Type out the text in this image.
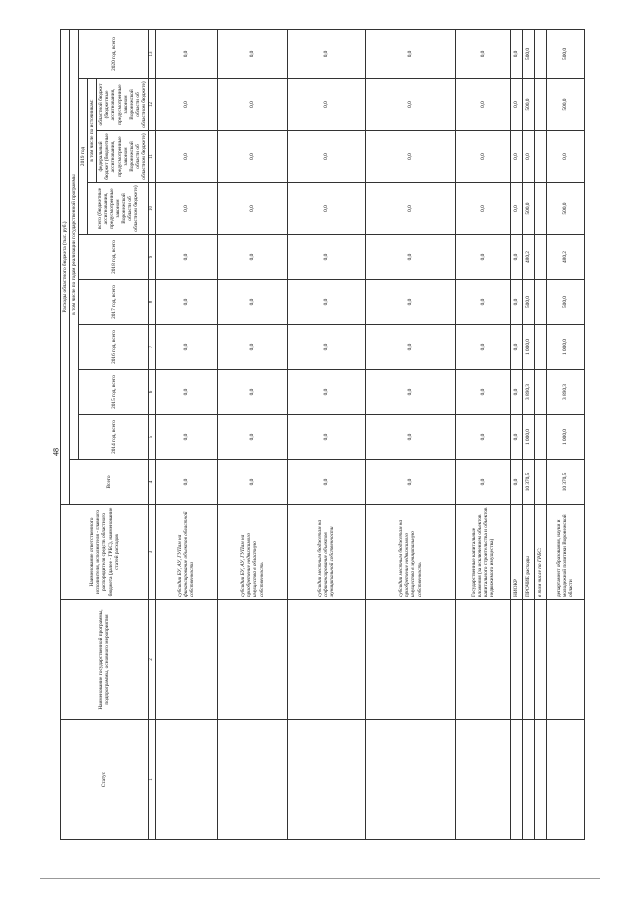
48
Статус	Наименование государственной программы, подпрограммы, основного мероприятия	Наименование ответственного исполнителя, исполнителя - главного распорядителя средств областного бюджета (далее - ГРБС), наименование статей расходов	Расходы областного бюджета (тыс. руб.)									
			Всего	в том числе по годам реализации государственной программы								
				2014 год, всего	2015 год, всего	2016 год, всего	2017 год, всего	2018 год, всего	2019 год			2020 год, всего
									всего (бюджетные ассигнования, предусмотренные законом Воронежской области об областном бюджете)	в том числе по источникам:		
										федеральный бюджет (бюджетные ассигнования, предусмотренные законом Воронежской области об областном бюджете)	областной бюджет (бюджетные ассигнования, предусмотренные законом Воронежской области об областном бюджете)	
1	2	3	4	5	6	7	8	9	10	11	12	13
		субсидии БУ, АУ, ГУПам на финансирование объектов областной собственности	0,0	0,0	0,0	0,0	0,0	0,0	0,0	0,0	0,0	0,0
		субсидии БУ, АУ, ГУПам на приобретение недвижимого имущества в областную собственность	0,0	0,0	0,0	0,0	0,0	0,0	0,0	0,0	0,0	0,0
		субсидии местным бюджетам на софинансирование объектов муниципальной собственности	0,0	0,0	0,0	0,0	0,0	0,0	0,0	0,0	0,0	0,0
		субсидии местным бюджетам на приобретение недвижимого имущества в муниципальную собственность	0,0	0,0	0,0	0,0	0,0	0,0	0,0	0,0	0,0	0,0
		Государственные капитальные вложения (за исключением объектов капитального строительства и объектов недвижимого имущества)	0,0	0,0	0,0	0,0	0,0	0,0	0,0	0,0	0,0	0,0
		НИОКР	0,0	0,0	0,0	0,0	0,0	0,0	0,0	0,0	0,0	0,0
		ПРОЧИЕ расходы	10 370,5	1 000,0	3 890,3	1 000,0	500,0	480,2	500,0	0,0	500,0	500,0
		в том числе по ГРБС:										
		департамент образования, науки и молодежной политики Воронежской области	10 370,5	1 000,0	3 890,3	1 000,0	500,0	480,2	500,0	0,0	500,0	500,0
